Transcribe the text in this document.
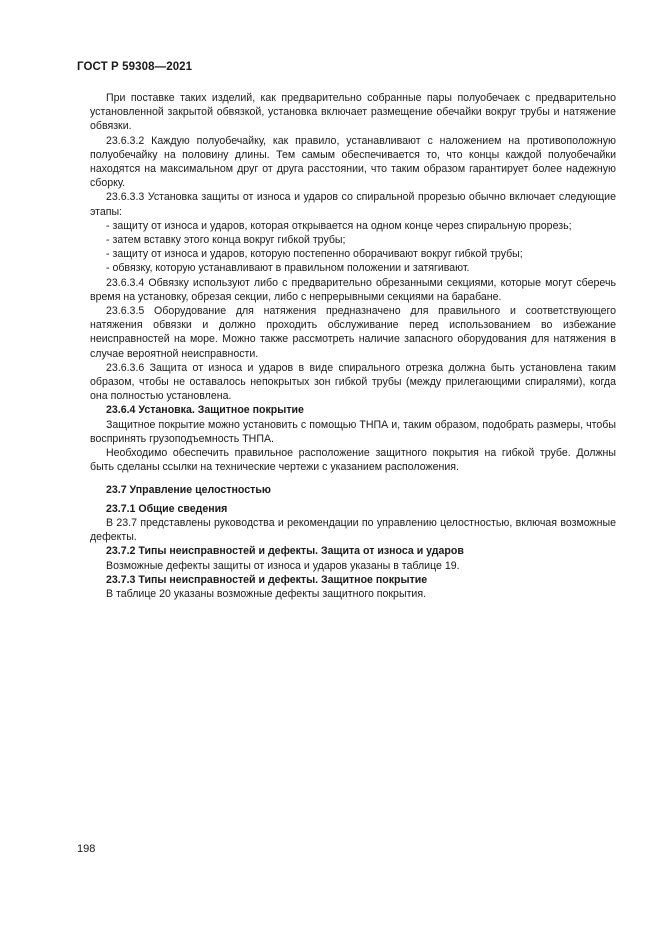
ГОСТ Р 59308—2021

При поставке таких изделий, как предварительно собранные пары полуобечаек с предварительно установленной закрытой обвязкой, установка включает размещение обечайки вокруг трубы и натяжение обвязки.

23.6.3.2 Каждую полуобечайку, как правило, устанавливают с наложением на противоположную полуобечайку на половину длины. Тем самым обеспечивается то, что концы каждой полуобечайки находятся на максимальном друг от друга расстоянии, что таким образом гарантирует более надежную сборку.

23.6.3.3 Установка защиты от износа и ударов со спиральной прорезью обычно включает следующие этапы:

- защиту от износа и ударов, которая открывается на одном конце через спиральную прорезь;

- затем вставку этого конца вокруг гибкой трубы;

- защиту от износа и ударов, которую постепенно оборачивают вокруг гибкой трубы;

- обвязку, которую устанавливают в правильном положении и затягивают.

23.6.3.4 Обвязку используют либо с предварительно обрезанными секциями, которые могут сберечь время на установку, обрезая секции, либо с непрерывными секциями на барабане.

23.6.3.5 Оборудование для натяжения предназначено для правильного и соответствующего натяжения обвязки и должно проходить обслуживание перед использованием во избежание неисправностей на море. Можно также рассмотреть наличие запасного оборудования для натяжения в случае вероятной неисправности.

23.6.3.6 Защита от износа и ударов в виде спирального отрезка должна быть установлена таким образом, чтобы не оставалось непокрытых зон гибкой трубы (между прилегающими спиралями), когда она полностью установлена.

23.6.4 Установка. Защитное покрытие

Защитное покрытие можно установить с помощью ТНПА и, таким образом, подобрать размеры, чтобы воспринять грузоподъемность ТНПА.

Необходимо обеспечить правильное расположение защитного покрытия на гибкой трубе. Должны быть сделаны ссылки на технические чертежи с указанием расположения.

23.7 Управление целостностью

23.7.1 Общие сведения

В 23.7 представлены руководства и рекомендации по управлению целостностью, включая возможные дефекты.

23.7.2 Типы неисправностей и дефекты. Защита от износа и ударов

Возможные дефекты защиты от износа и ударов указаны в таблице 19.

23.7.3 Типы неисправностей и дефекты. Защитное покрытие

В таблице 20 указаны возможные дефекты защитного покрытия.

198
